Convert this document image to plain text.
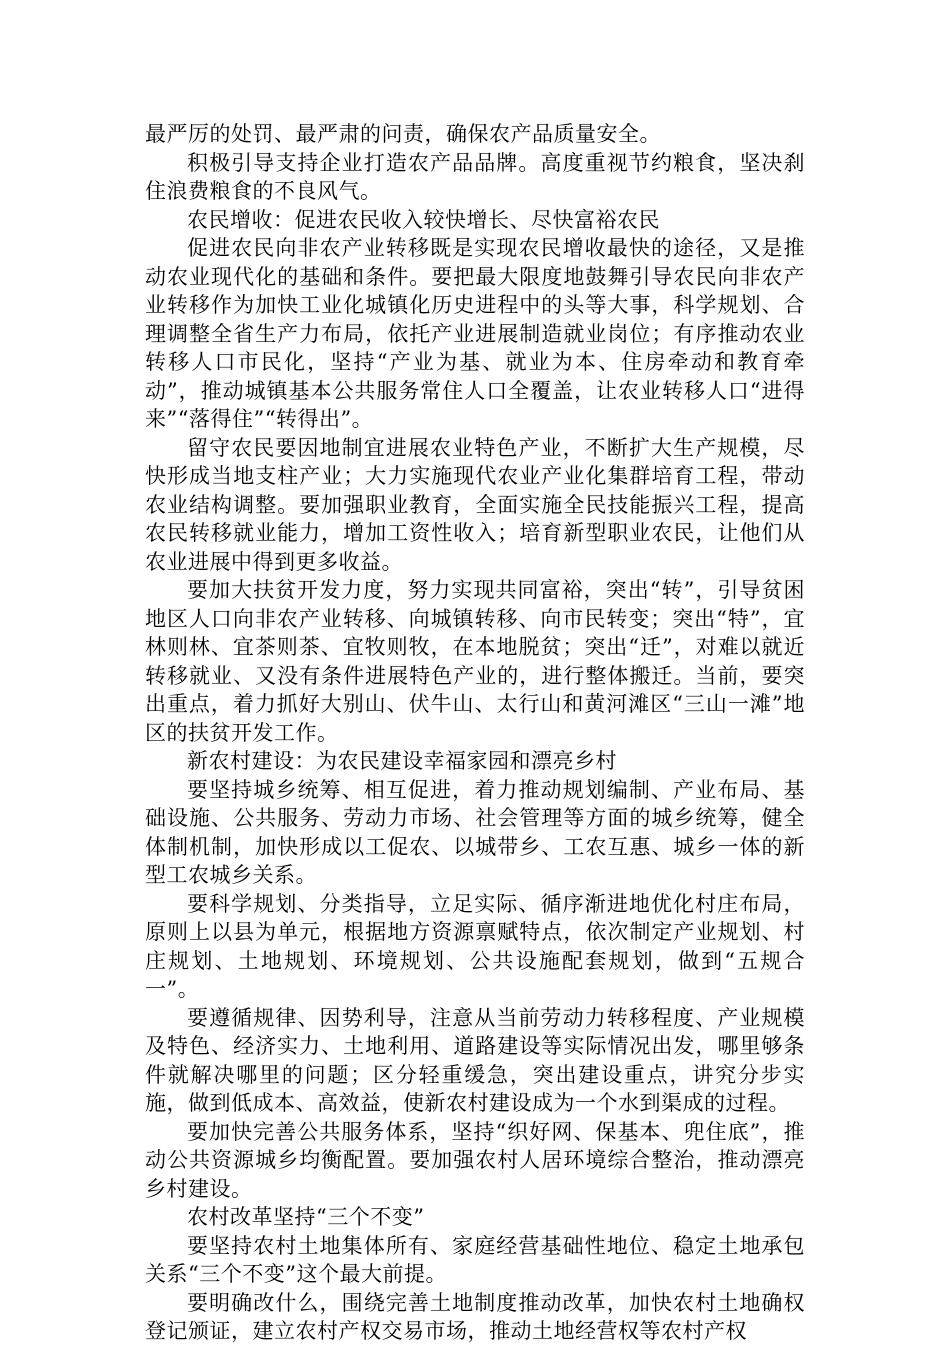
最严厉的处罚、最严肃的问责，确保农产品质量安全。

积极引导支持企业打造农产品品牌。高度重视节约粮食，坚决刹住浪费粮食的不良风气。

农民增收：促进农民收入较快增长、尽快富裕农民

促进农民向非农产业转移既是实现农民增收最快的途径，又是推动农业现代化的基础和条件。要把最大限度地鼓舞引导农民向非农产业转移作为加快工业化城镇化历史进程中的头等大事，科学规划、合理调整全省生产力布局，依托产业进展制造就业岗位；有序推动农业转移人口市民化，坚持“产业为基、就业为本、住房牵动和教育牵动”，推动城镇基本公共服务常住人口全覆盖，让农业转移人口“进得来”“落得住”“转得出”。

留守农民要因地制宜进展农业特色产业，不断扩大生产规模，尽快形成当地支柱产业；大力实施现代农业产业化集群培育工程，带动农业结构调整。要加强职业教育，全面实施全民技能振兴工程，提高农民转移就业能力，增加工资性收入；培育新型职业农民，让他们从农业进展中得到更多收益。

要加大扶贫开发力度，努力实现共同富裕，突出“转”，引导贫困地区人口向非农产业转移、向城镇转移、向市民转变；突出“特”，宜林则林、宜茶则茶、宜牧则牧，在本地脱贫；突出“迁”，对难以就近转移就业、又没有条件进展特色产业的，进行整体搬迁。当前，要突出重点，着力抓好大别山、伏牛山、太行山和黄河滩区“三山一滩”地区的扶贫开发工作。

新农村建设：为农民建设幸福家园和漂亮乡村

要坚持城乡统筹、相互促进，着力推动规划编制、产业布局、基础设施、公共服务、劳动力市场、社会管理等方面的城乡统筹，健全体制机制，加快形成以工促农、以城带乡、工农互惠、城乡一体的新型工农城乡关系。

要科学规划、分类指导，立足实际、循序渐进地优化村庄布局，原则上以县为单元，根据地方资源禀赋特点，依次制定产业规划、村庄规划、土地规划、环境规划、公共设施配套规划，做到“五规合一”。

要遵循规律、因势利导，注意从当前劳动力转移程度、产业规模及特色、经济实力、土地利用、道路建设等实际情况出发，哪里够条件就解决哪里的问题；区分轻重缓急，突出建设重点，讲究分步实施，做到低成本、高效益，使新农村建设成为一个水到渠成的过程。

要加快完善公共服务体系，坚持“织好网、保基本、兜住底”，推动公共资源城乡均衡配置。要加强农村人居环境综合整治，推动漂亮乡村建设。

农村改革坚持“三个不变”

要坚持农村土地集体所有、家庭经营基础性地位、稳定土地承包关系“三个不变”这个最大前提。

要明确改什么，围绕完善土地制度推动改革，加快农村土地确权登记颁证，建立农村产权交易市场，推动土地经营权等农村产权
